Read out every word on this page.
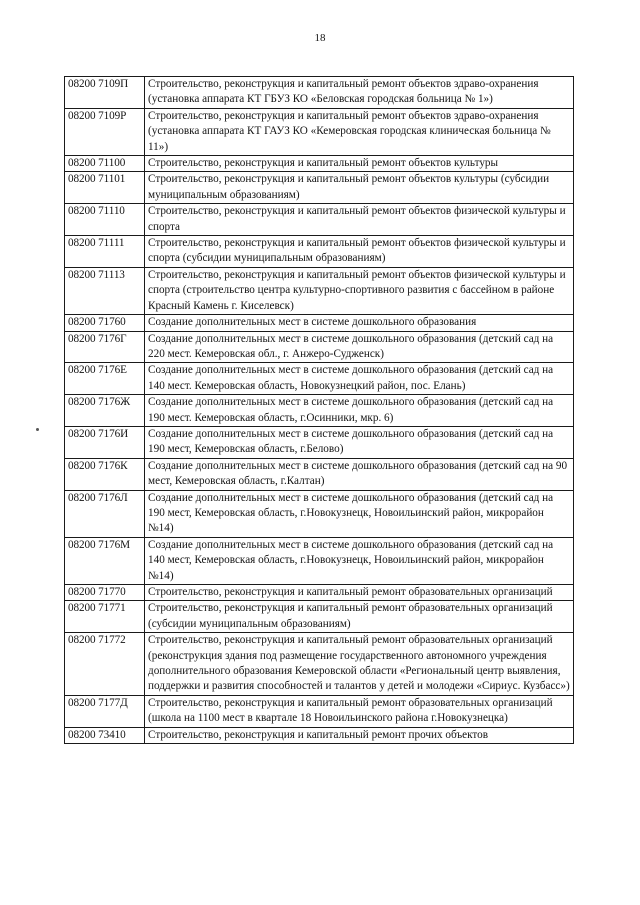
18
08200 7109П	Строительство, реконструкция и капитальный ремонт объектов здраво-охранения (установка аппарата КТ ГБУЗ КО «Беловская городская больница № 1»)
08200 7109Р	Строительство, реконструкция и капитальный ремонт объектов здраво-охранения (установка аппарата КТ ГАУЗ КО «Кемеровская городская клиническая больница № 11»)
08200 71100	Строительство, реконструкция и капитальный ремонт объектов культуры
08200 71101	Строительство, реконструкция и капитальный ремонт объектов культуры (субсидии муниципальным образованиям)
08200 71110	Строительство, реконструкция и капитальный ремонт объектов физической культуры и спорта
08200 71111	Строительство, реконструкция и капитальный ремонт объектов физической культуры и спорта (субсидии муниципальным образованиям)
08200 71113	Строительство, реконструкция и капитальный ремонт объектов физической культуры и спорта (строительство центра культурно-спортивного развития с бассейном в районе Красный Камень г. Киселевск)
08200 71760	Создание дополнительных мест в системе дошкольного образования
08200 7176Г	Создание дополнительных мест в системе дошкольного образования (детский сад на 220 мест. Кемеровская обл., г. Анжеро-Судженск)
08200 7176Е	Создание дополнительных мест в системе дошкольного образования (детский сад на 140 мест. Кемеровская область, Новокузнецкий район, пос. Елань)
08200 7176Ж	Создание дополнительных мест в системе дошкольного образования (детский сад на 190 мест. Кемеровская область, г.Осинники, мкр. 6)
08200 7176И	Создание дополнительных мест в системе дошкольного образования (детский сад на 190 мест, Кемеровская область, г.Белово)
08200 7176К	Создание дополнительных мест в системе дошкольного образования (детский сад на 90 мест, Кемеровская область, г.Калтан)
08200 7176Л	Создание дополнительных мест в системе дошкольного образования (детский сад на 190 мест, Кемеровская область, г.Новокузнецк, Новоильинский район, микрорайон №14)
08200 7176М	Создание дополнительных мест в системе дошкольного образования (детский сад на 140 мест, Кемеровская область, г.Новокузнецк, Новоильинский район, микрорайон №14)
08200 71770	Строительство, реконструкция и капитальный ремонт образовательных организаций
08200 71771	Строительство, реконструкция и капитальный ремонт образовательных организаций (субсидии муниципальным образованиям)
08200 71772	Строительство, реконструкция и капитальный ремонт образовательных организаций (реконструкция здания под размещение государственного автономного учреждения дополнительного образования Кемеровской области «Региональный центр выявления, поддержки и развития способностей и талантов у детей и молодежи «Сириус. Кузбасс»)
08200 7177Д	Строительство, реконструкция и капитальный ремонт образовательных организаций (школа на 1100 мест в квартале 18 Новоильинского района г.Новокузнецка)
08200 73410	Строительство, реконструкция и капитальный ремонт прочих объектов
